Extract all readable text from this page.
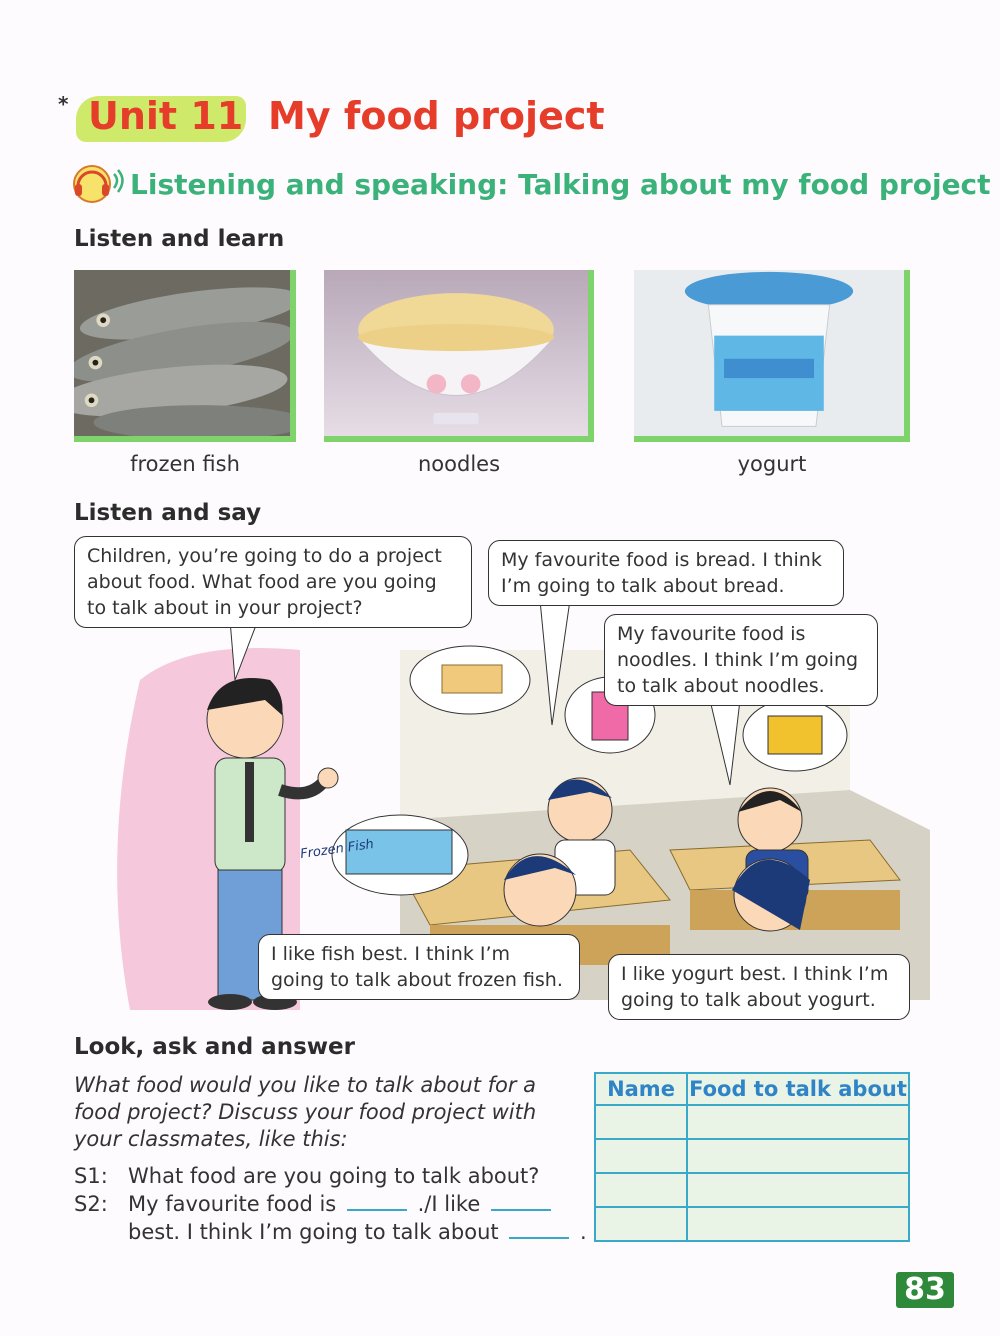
* Unit 11 My food project
Listening and speaking: Talking about my food project
Listen and learn
frozen fish	noodles	yogurt
Listen and say
Frozen Fish
Children, you’re going to do a project about food. What food are you going to talk about in your project?
My favourite food is bread. I think I’m going to talk about bread.
My favourite food is noodles. I think I’m going to talk about noodles.
I like fish best. I think I’m going to talk about frozen fish.	I like yogurt best. I think I’m going to talk about yogurt.
Look, ask and answer
What food would you like to talk about for a food project? Discuss your food project with your classmates, like this:
S1: What food are you going to talk about?
S2: My favourite food is	./I like
best. I think I’m going to talk about	.
Name	Food to talk about

83
